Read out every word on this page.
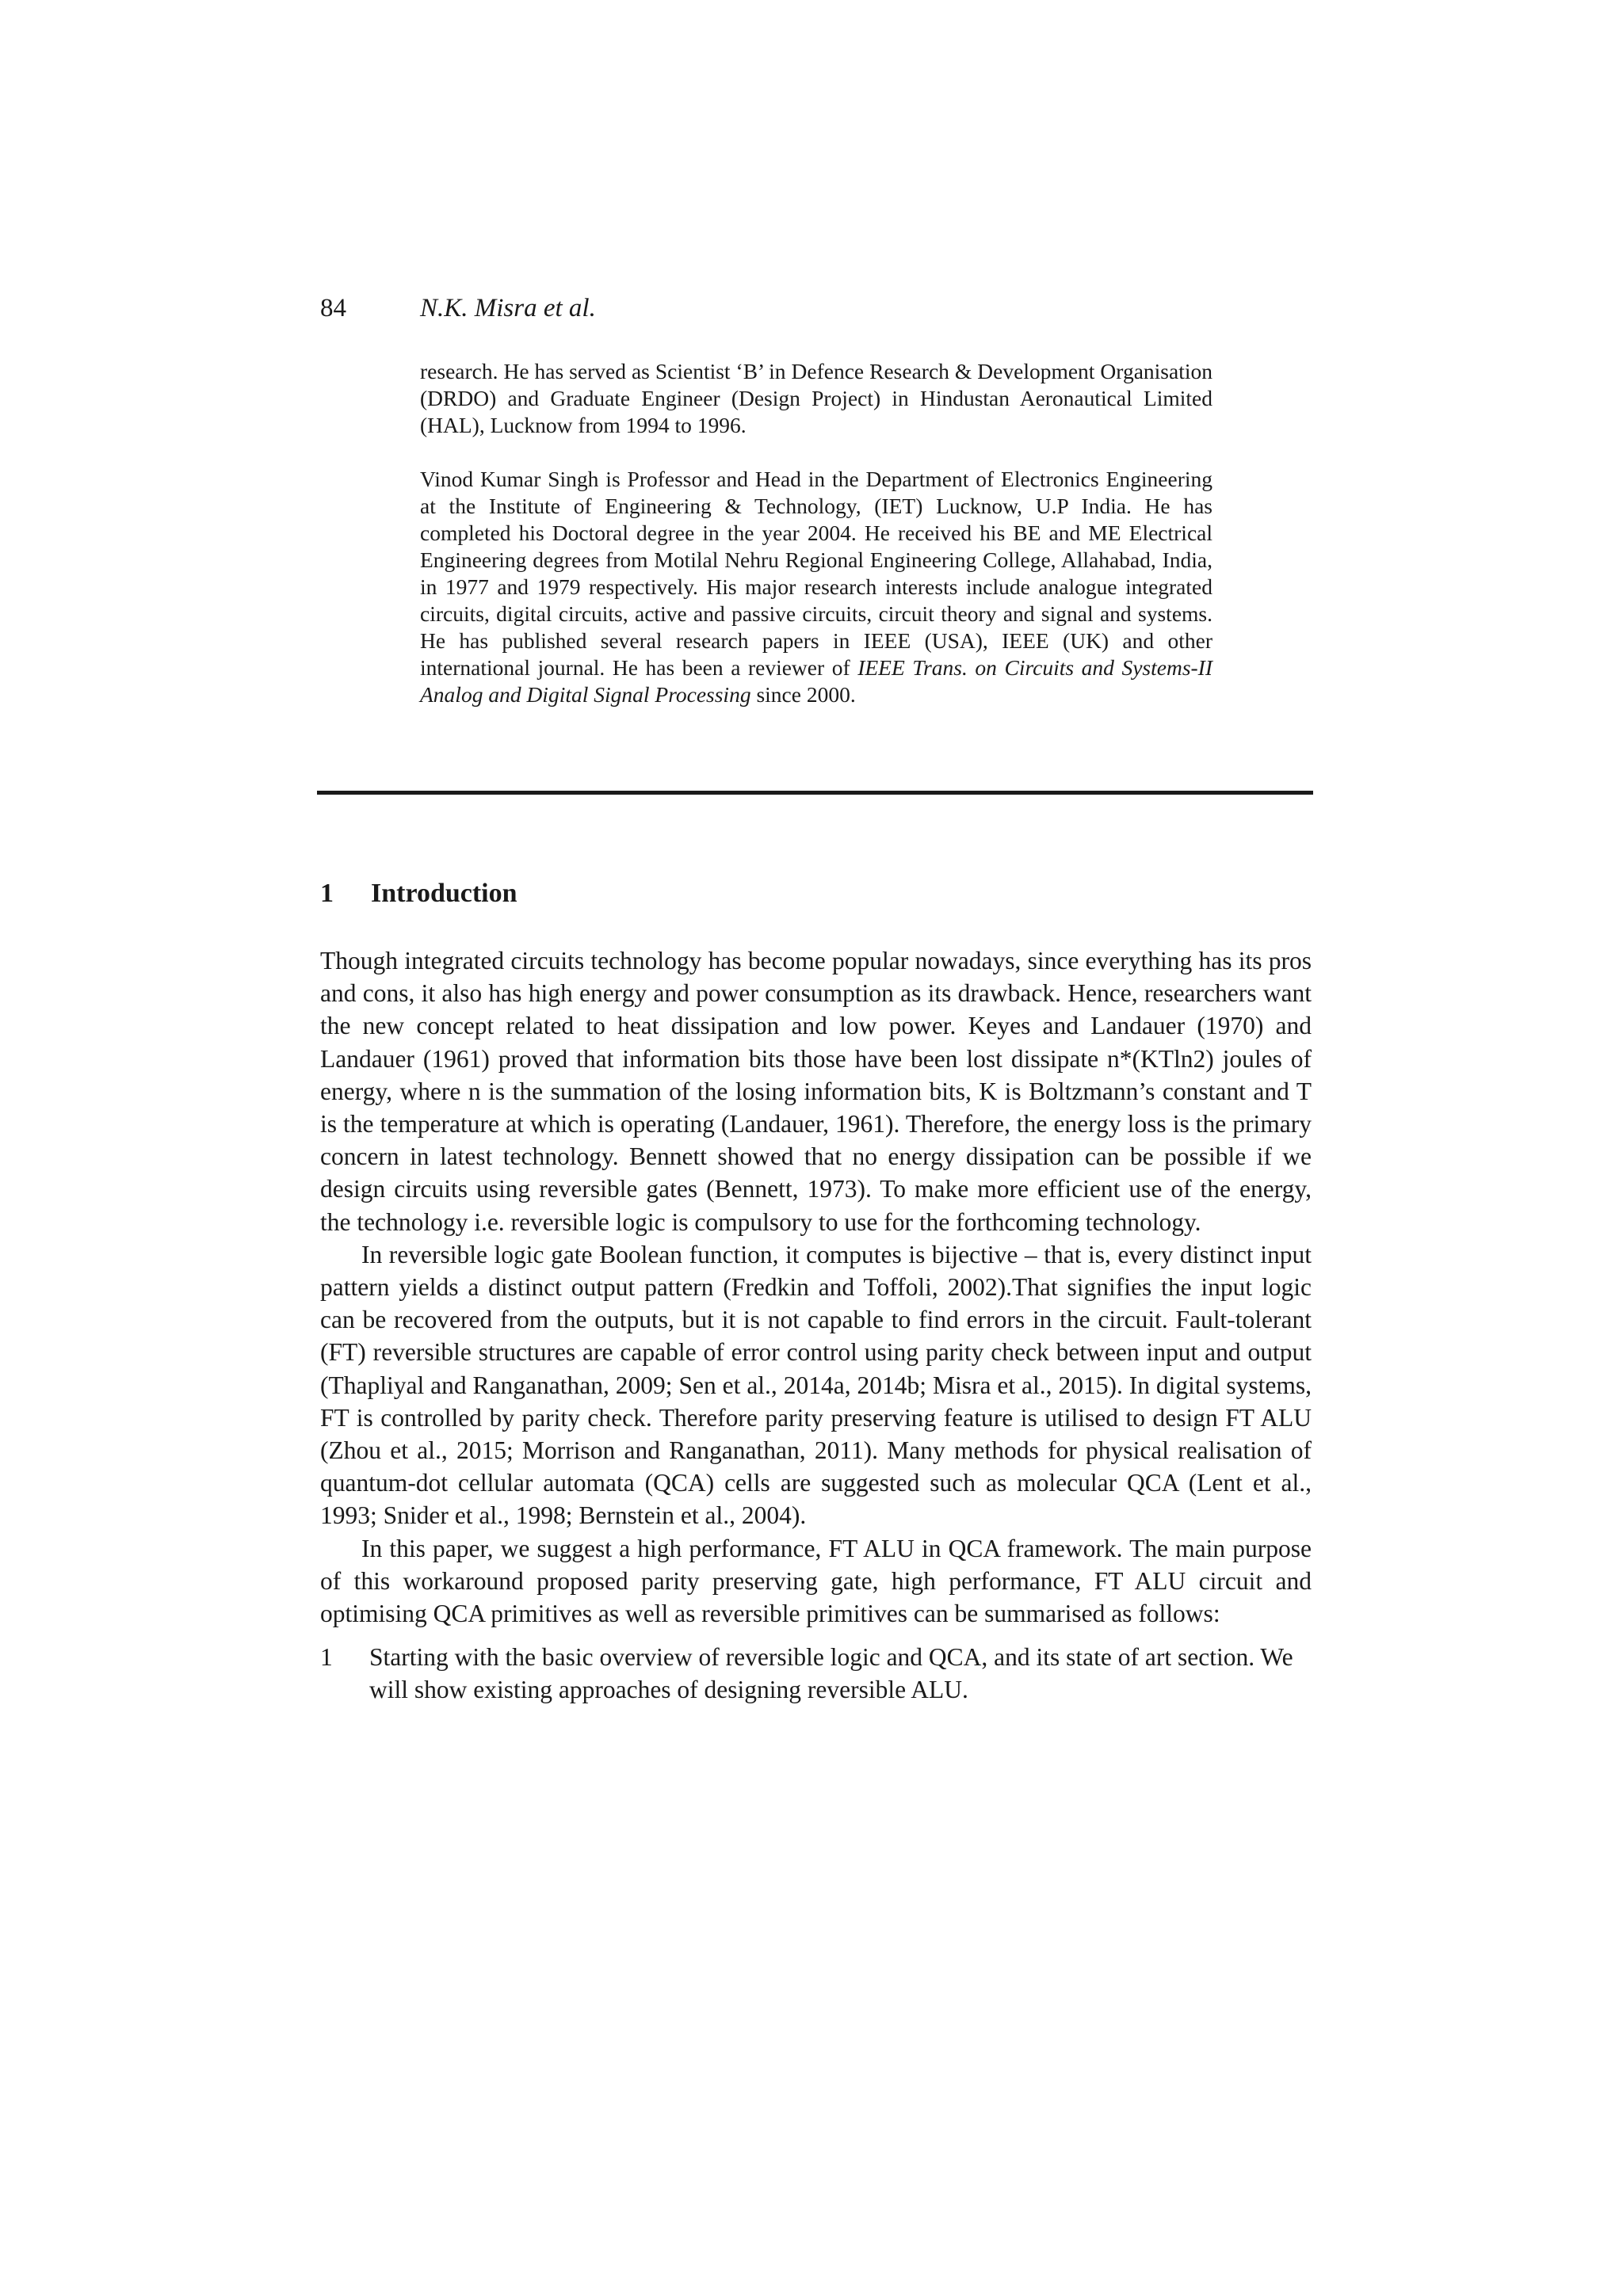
84	N.K. Misra et al.

research. He has served as Scientist ‘B’ in Defence Research & Development Organisation (DRDO) and Graduate Engineer (Design Project) in Hindustan Aeronautical Limited (HAL), Lucknow from 1994 to 1996.

Vinod Kumar Singh is Professor and Head in the Department of Electronics Engineering at the Institute of Engineering & Technology, (IET) Lucknow, U.P India. He has completed his Doctoral degree in the year 2004. He received his BE and ME Electrical Engineering degrees from Motilal Nehru Regional Engineering College, Allahabad, India, in 1977 and 1979 respectively. His major research interests include analogue integrated circuits, digital circuits, active and passive circuits, circuit theory and signal and systems. He has published several research papers in IEEE (USA), IEEE (UK) and other international journal. He has been a reviewer of IEEE Trans. on Circuits and Systems-II Analog and Digital Signal Processing since 2000.

1 Introduction

Though integrated circuits technology has become popular nowadays, since everything has its pros and cons, it also has high energy and power consumption as its drawback. Hence, researchers want the new concept related to heat dissipation and low power. Keyes and Landauer (1970) and Landauer (1961) proved that information bits those have been lost dissipate n*(KTln2) joules of energy, where n is the summation of the losing information bits, K is Boltzmann’s constant and T is the temperature at which is operating (Landauer, 1961). Therefore, the energy loss is the primary concern in latest technology. Bennett showed that no energy dissipation can be possible if we design circuits using reversible gates (Bennett, 1973). To make more efficient use of the energy, the technology i.e. reversible logic is compulsory to use for the forthcoming technology.

In reversible logic gate Boolean function, it computes is bijective – that is, every distinct input pattern yields a distinct output pattern (Fredkin and Toffoli, 2002).That signifies the input logic can be recovered from the outputs, but it is not capable to find errors in the circuit. Fault-tolerant (FT) reversible structures are capable of error control using parity check between input and output (Thapliyal and Ranganathan, 2009; Sen et al., 2014a, 2014b; Misra et al., 2015). In digital systems, FT is controlled by parity check. Therefore parity preserving feature is utilised to design FT ALU (Zhou et al., 2015; Morrison and Ranganathan, 2011). Many methods for physical realisation of quantum-dot cellular automata (QCA) cells are suggested such as molecular QCA (Lent et al., 1993; Snider et al., 1998; Bernstein et al., 2004).

In this paper, we suggest a high performance, FT ALU in QCA framework. The main purpose of this workaround proposed parity preserving gate, high performance, FT ALU circuit and optimising QCA primitives as well as reversible primitives can be summarised as follows:

1 Starting with the basic overview of reversible logic and QCA, and its state of art section. We will show existing approaches of designing reversible ALU.
